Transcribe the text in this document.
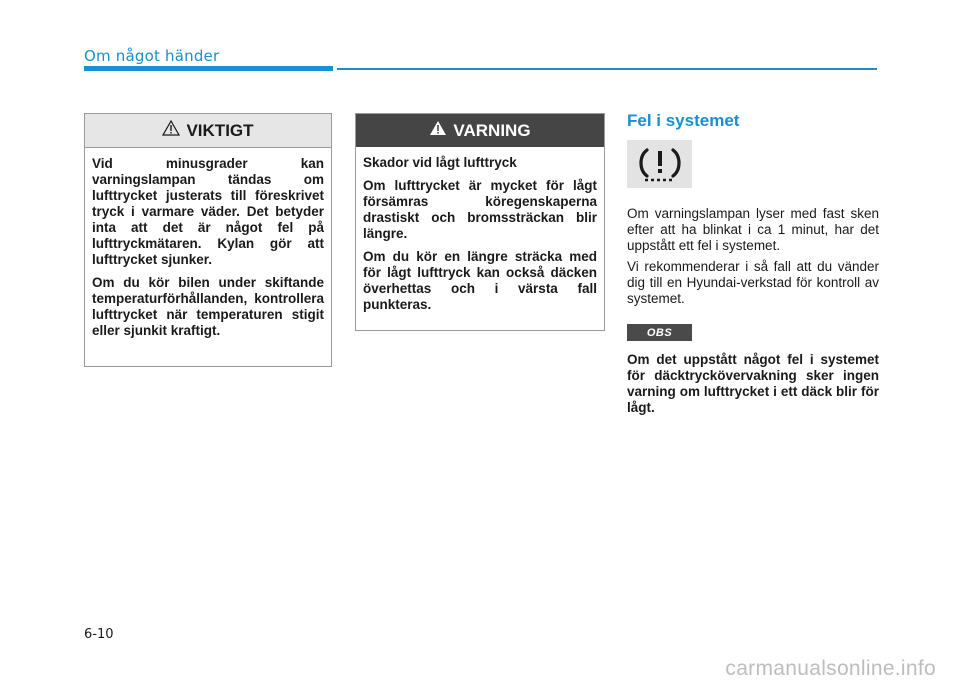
Om något händer
VIKTIGT

Vid minusgrader kan varningslampan tändas om lufttrycket justerats till föreskrivet tryck i varmare väder. Det betyder inta att det är något fel på lufttryckmätaren. Kylan gör att lufttrycket sjunker.

Om du kör bilen under skiftande temperaturförhållanden, kontrollera lufttrycket när temperaturen stigit eller sjunkit kraftigt.

VARNING

Skador vid lågt lufttryck

Om lufttrycket är mycket för lågt försämras köregenskaperna drastiskt och bromssträckan blir längre.

Om du kör en längre sträcka med för lågt lufttryck kan också däcken överhettas och i värsta fall punkteras.

Fel i systemet

Om varningslampan lyser med fast sken efter att ha blinkat i ca 1 minut, har det uppstått ett fel i systemet.

Vi rekommenderar i så fall att du vänder dig till en Hyundai-verkstad för kontroll av systemet.

OBS

Om det uppstått något fel i systemet för däcktryckövervakning sker ingen varning om lufttrycket i ett däck blir för lågt.

6-10
carmanualsonline.info
